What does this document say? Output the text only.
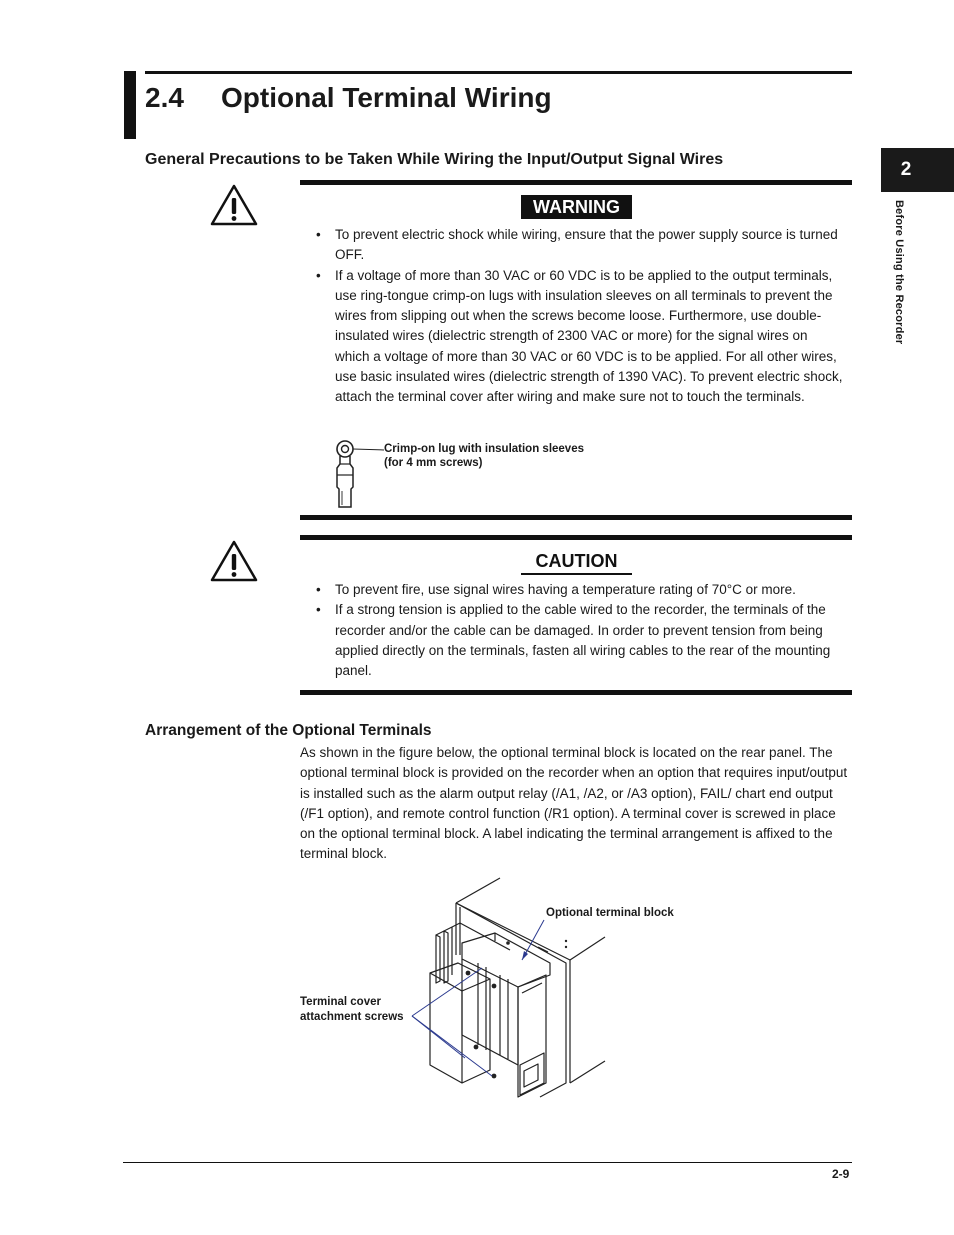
2.4 Optional Terminal Wiring
2
Before Using the Recorder
General Precautions to be Taken While Wiring the Input/Output Signal Wires
WARNING
• To prevent electric shock while wiring, ensure that the power supply source is turned OFF.
• If a voltage of more than 30 VAC or 60 VDC is to be applied to the output terminals, use ring-tongue crimp-on lugs with insulation sleeves on all terminals to prevent the wires from slipping out when the screws become loose. Furthermore, use double-insulated wires (dielectric strength of 2300 VAC or more) for the signal wires on which a voltage of more than 30 VAC or 60 VDC is to be applied. For all other wires, use basic insulated wires (dielectric strength of 1390 VAC). To prevent electric shock, attach the terminal cover after wiring and make sure not to touch the terminals.
Crimp-on lug with insulation sleeves
(for 4 mm screws)
CAUTION
• To prevent fire, use signal wires having a temperature rating of 70°C or more.
• If a strong tension is applied to the cable wired to the recorder, the terminals of the recorder and/or the cable can be damaged. In order to prevent tension from being applied directly on the terminals, fasten all wiring cables to the rear of the mounting panel.
Arrangement of the Optional Terminals
As shown in the figure below, the optional terminal block is located on the rear panel. The optional terminal block is provided on the recorder when an option that requires input/output is installed such as the alarm output relay (/A1, /A2, or /A3 option), FAIL/ chart end output (/F1 option), and remote control function (/R1 option). A terminal cover is screwed in place on the optional terminal block. A label indicating the terminal arrangement is affixed to the terminal block.
Optional terminal block
Terminal cover
attachment screws
2-9
